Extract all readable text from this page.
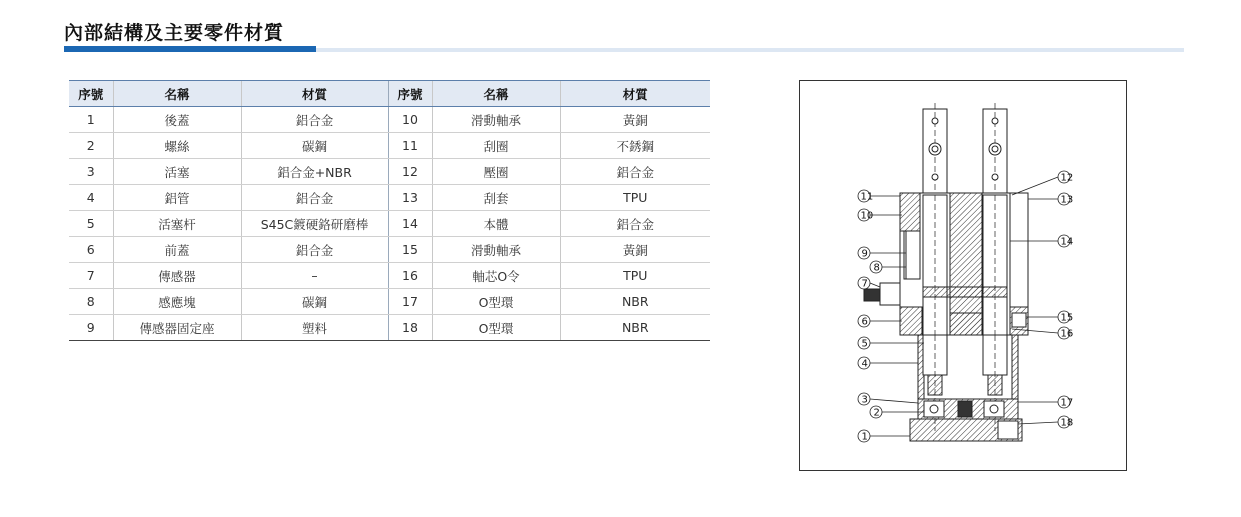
內部結構及主要零件材質
序號	名稱	材質	序號	名稱	材質
1	後蓋	鋁合金	10	滑動軸承	黃銅
2	螺絲	碳鋼	11	刮圈	不銹鋼
3	活塞	鋁合金+NBR	12	壓圈	鋁合金
4	鋁管	鋁合金	13	刮套	TPU
5	活塞杆	S45C鍍硬鉻研磨棒	14	本體	鋁合金
6	前蓋	鋁合金	15	滑動軸承	黃銅
7	傳感器	–	16	軸芯O令	TPU
8	感應塊	碳鋼	17	O型環	NBR
9	傳感器固定座	塑料	18	O型環	NBR
11
10
9
8
7
6
5
4
3
2
1
12
13
14
15
16
17
18
